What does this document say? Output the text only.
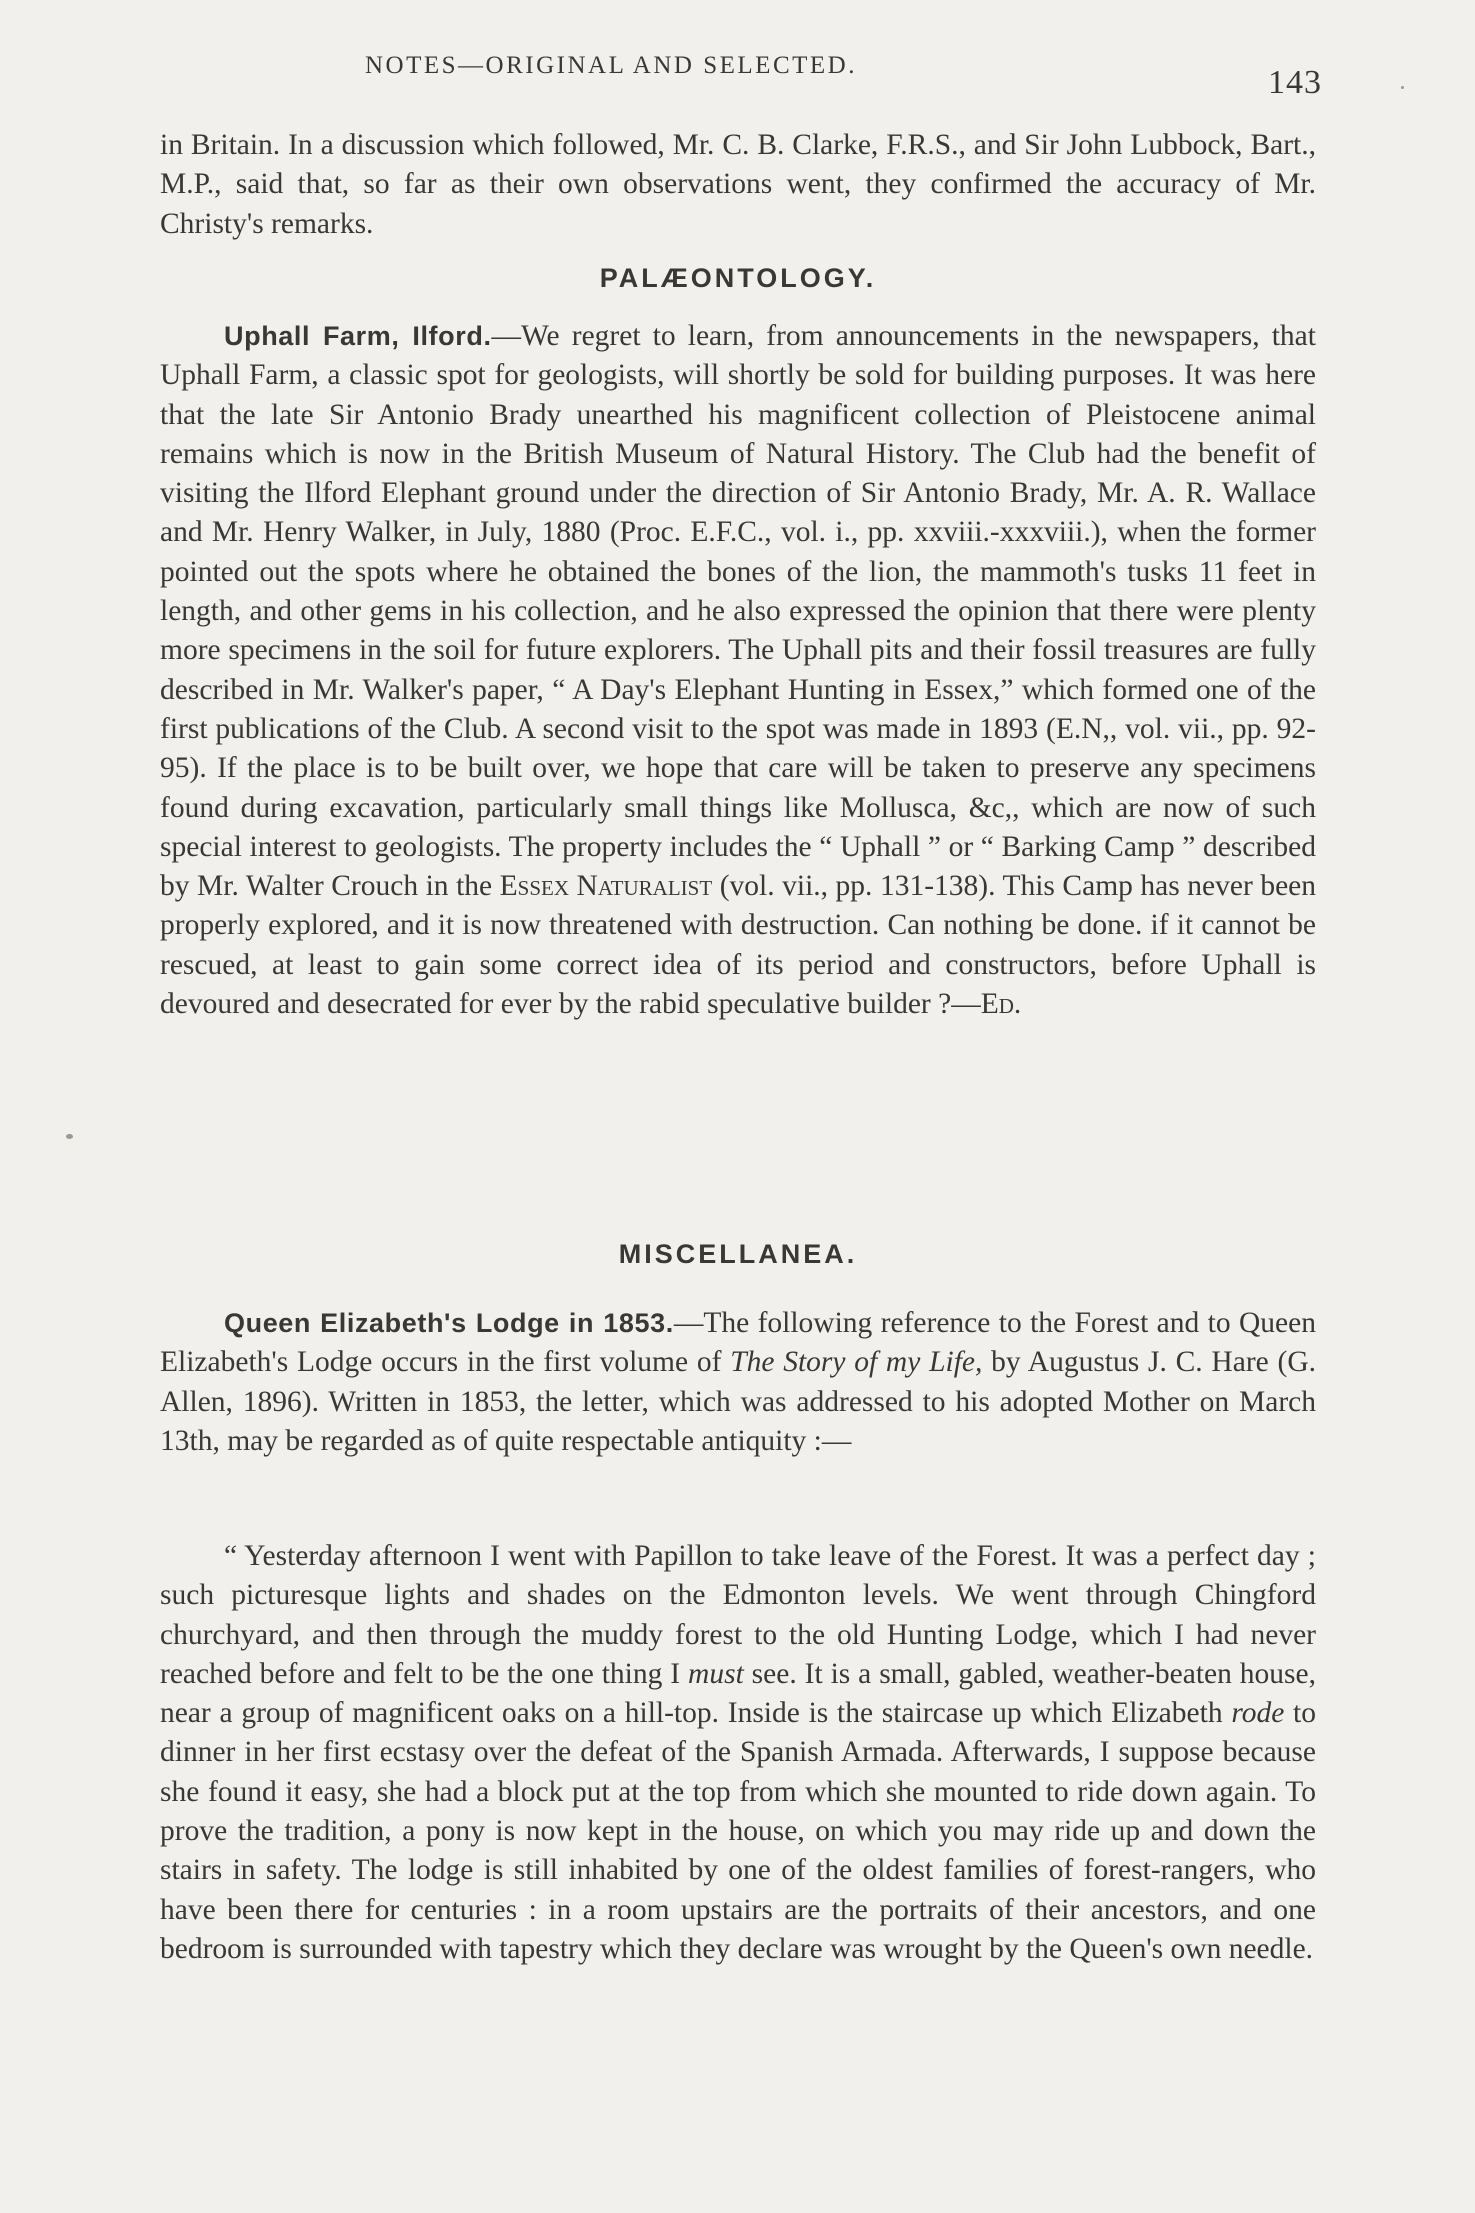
NOTES—ORIGINAL AND SELECTED.	143

in Britain. In a discussion which followed, Mr. C. B. Clarke, F.R.S., and Sir John Lubbock, Bart., M.P., said that, so far as their own observations went, they confirmed the accuracy of Mr. Christy's remarks.

PALÆONTOLOGY.

Uphall Farm, Ilford.—We regret to learn, from announcements in the newspapers, that Uphall Farm, a classic spot for geologists, will shortly be sold for building purposes. It was here that the late Sir Antonio Brady unearthed his magnificent collection of Pleistocene animal remains which is now in the British Museum of Natural History. The Club had the benefit of visiting the Ilford Elephant ground under the direction of Sir Antonio Brady, Mr. A. R. Wallace and Mr. Henry Walker, in July, 1880 (Proc. E.F.C., vol. i., pp. xxviii.-xxxviii.), when the former pointed out the spots where he obtained the bones of the lion, the mammoth's tusks 11 feet in length, and other gems in his collection, and he also expressed the opinion that there were plenty more specimens in the soil for future explorers. The Uphall pits and their fossil treasures are fully described in Mr. Walker's paper, “ A Day's Elephant Hunting in Essex,” which formed one of the first publications of the Club. A second visit to the spot was made in 1893 (E.N,, vol. vii., pp. 92-95). If the place is to be built over, we hope that care will be taken to preserve any specimens found during excavation, particularly small things like Mollusca, &c,, which are now of such special interest to geologists. The property includes the “ Uphall ” or “ Barking Camp ” described by Mr. Walter Crouch in the Essex Naturalist (vol. vii., pp. 131-138). This Camp has never been properly explored, and it is now threatened with destruction. Can nothing be done. if it cannot be rescued, at least to gain some correct idea of its period and constructors, before Uphall is devoured and desecrated for ever by the rabid speculative builder ?—Ed.

MISCELLANEA.

Queen Elizabeth's Lodge in 1853.—The following reference to the Forest and to Queen Elizabeth's Lodge occurs in the first volume of The Story of my Life, by Augustus J. C. Hare (G. Allen, 1896). Written in 1853, the letter, which was addressed to his adopted Mother on March 13th, may be regarded as of quite respectable antiquity :—

“ Yesterday afternoon I went with Papillon to take leave of the Forest. It was a perfect day ; such picturesque lights and shades on the Edmonton levels. We went through Chingford churchyard, and then through the muddy forest to the old Hunting Lodge, which I had never reached before and felt to be the one thing I must see. It is a small, gabled, weather-beaten house, near a group of magnificent oaks on a hill-top. Inside is the staircase up which Elizabeth rode to dinner in her first ecstasy over the defeat of the Spanish Armada. Afterwards, I suppose because she found it easy, she had a block put at the top from which she mounted to ride down again. To prove the tradition, a pony is now kept in the house, on which you may ride up and down the stairs in safety. The lodge is still inhabited by one of the oldest families of forest-rangers, who have been there for centuries : in a room upstairs are the portraits of their ancestors, and one bedroom is surrounded with tapestry which they declare was wrought by the Queen's own needle.
